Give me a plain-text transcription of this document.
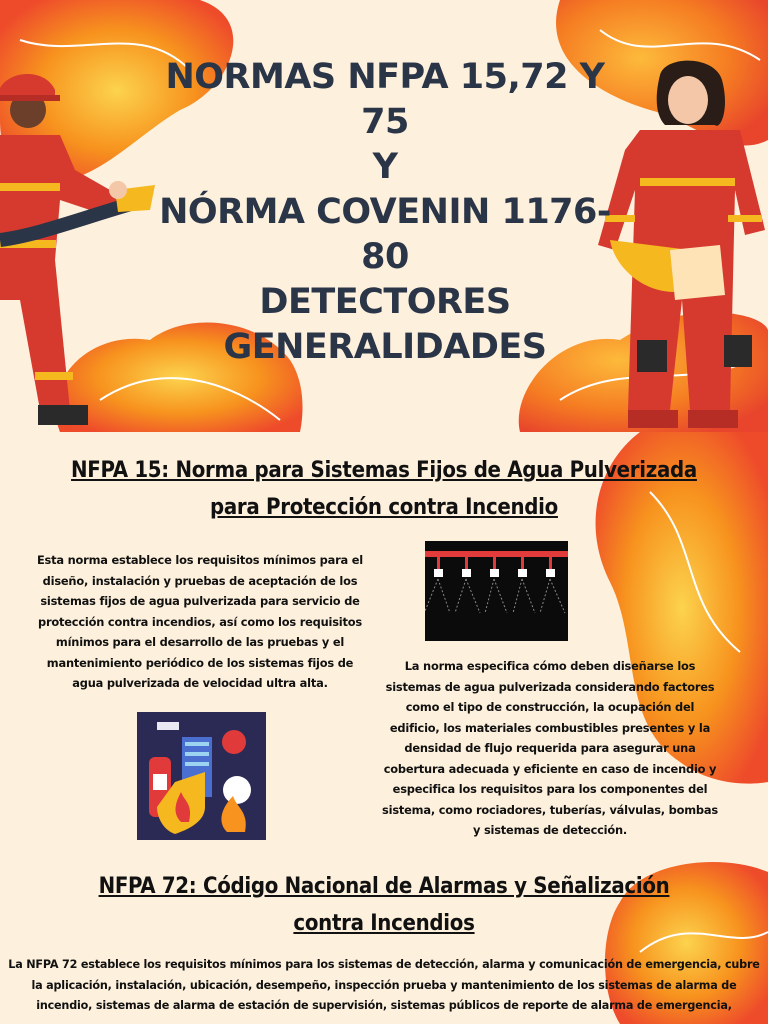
NORMAS NFPA 15,72 Y 75
Y
NÓRMA COVENIN 1176-80
DETECTORES
GENERALIDADES
NFPA 15: Norma para Sistemas Fijos de Agua Pulverizada
para Protección contra Incendio
Esta norma establece los requisitos mínimos para el diseño, instalación y pruebas de aceptación de los sistemas fijos de agua pulverizada para servicio de protección contra incendios, así como los requisitos mínimos para el desarrollo de las pruebas y el mantenimiento periódico de los sistemas fijos de agua pulverizada de velocidad ultra alta.
La norma especifica cómo deben diseñarse los sistemas de agua pulverizada considerando factores como el tipo de construcción, la ocupación del edificio, los materiales combustibles presentes y la densidad de flujo requerida para asegurar una cobertura adecuada y eficiente en caso de incendio y especifica los requisitos para los componentes del sistema, como rociadores, tuberías, válvulas, bombas y sistemas de detección.
NFPA 72: Código Nacional de Alarmas y Señalización
contra Incendios
La NFPA 72 establece los requisitos mínimos para los sistemas de detección, alarma y comunicación de emergencia, cubre la aplicación, instalación, ubicación, desempeño, inspección prueba y mantenimiento de los sistemas de alarma de incendio, sistemas de alarma de estación de supervisión, sistemas públicos de reporte de alarma de emergencia,
